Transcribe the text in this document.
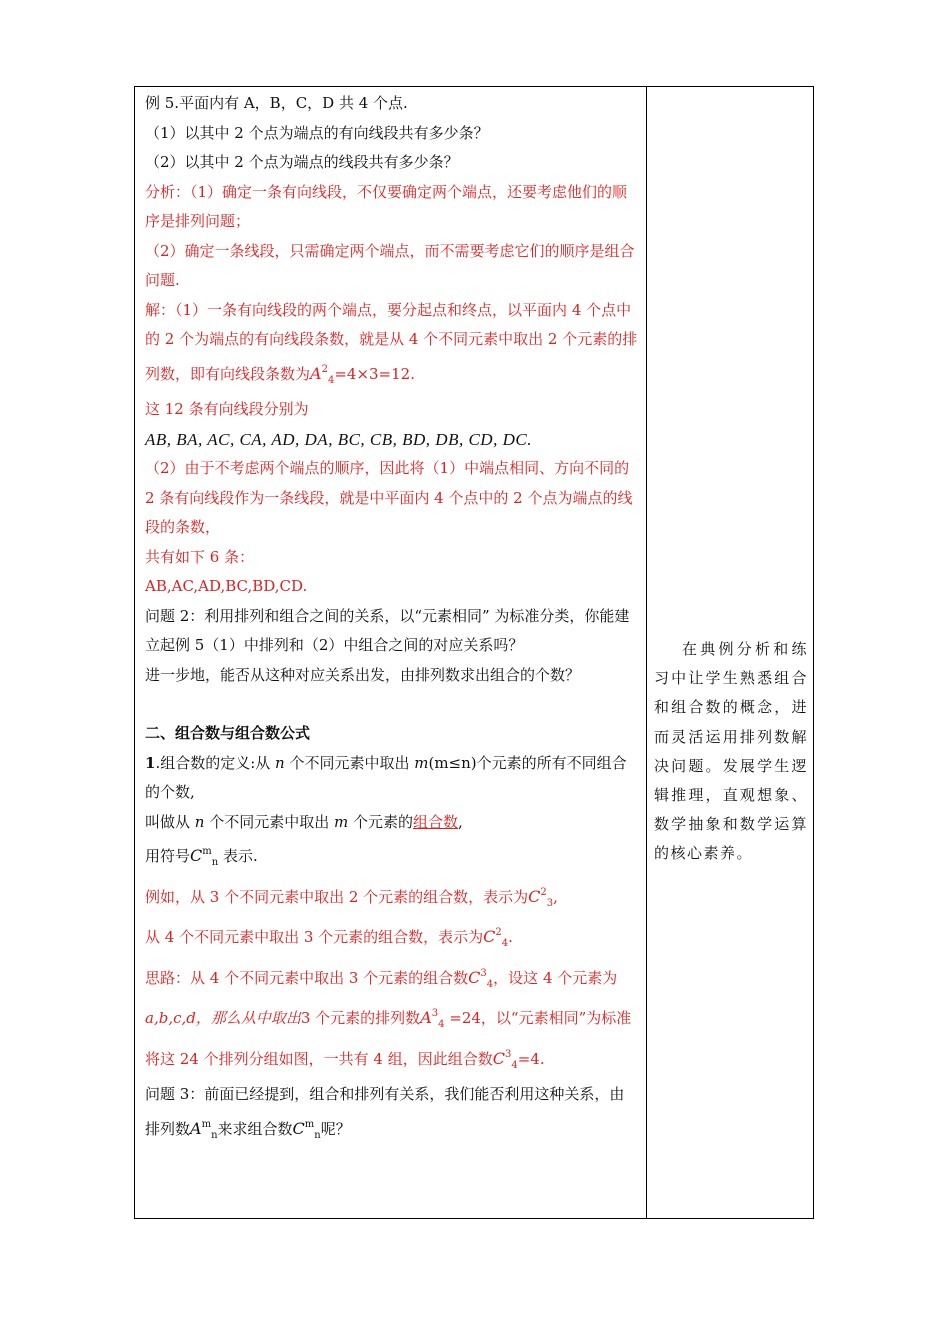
例 5.平面内有 A，B，C，D 共 4 个点.
（1）以其中 2 个点为端点的有向线段共有多少条？
（2）以其中 2 个点为端点的线段共有多少条？
分析：（1）确定一条有向线段，不仅要确定两个端点，还要考虑他们的顺序是排列问题；
（2）确定一条线段，只需确定两个端点，而不需要考虑它们的顺序是组合问题.
解：（1）一条有向线段的两个端点，要分起点和终点，以平面内 4 个点中的 2 个为端点的有向线段条数，就是从 4 个不同元素中取出 2 个元素的排列数，即有向线段条数为$A^2_4=4\times 3=12$.
这 12 条有向线段分别为
AB, BA, AC, CA, AD, DA, BC, CB, BD, DB, CD, DC.
（2）由于不考虑两个端点的顺序，因此将（1）中端点相同、方向不同的 2 条有向线段作为一条线段，就是中平面内 4 个点中的 2 个点为端点的线段的条数，
共有如下 6 条：
AB,AC,AD,BC,BD,CD.
问题 2：利用排列和组合之间的关系，以“元素相同” 为标准分类，你能建立起例 5（1）中排列和（2）中组合之间的对应关系吗？
进一步地，能否从这种对应关系出发，由排列数求出组合的个数？
二、组合数与组合数公式
1.组合数的定义:从 n 个不同元素中取出 m(m≤n)个元素的所有不同组合的个数,
叫做从 n 个不同元素中取出 m 个元素的组合数,
用符号$C^m_n$ 表示.
例如，从 3 个不同元素中取出 2 个元素的组合数，表示为$C^2_3$,
从 4 个不同元素中取出 3 个元素的组合数，表示为$C^2_4$.
思路：从 4 个不同元素中取出 3 个元素的组合数$C^3_4$，设这 4 个元素为 a,b,c,d，那么从中取出3 个元素的排列数$A^3_4 =24$，以“元素相同”为标准将这 24 个排列分组如图，一共有 4 组，因此组合数$C^3_4=4$.
问题 3：前面已经提到，组合和排列有关系，我们能否利用这种关系，由排列数$A^m_n$来求组合数$C^m_n$呢？
在典例分析和练习中让学生熟悉组合和组合数的概念，进而灵活运用排列数解决问题。发展学生逻辑推理，直观想象、数学抽象和数学运算的核心素养。
